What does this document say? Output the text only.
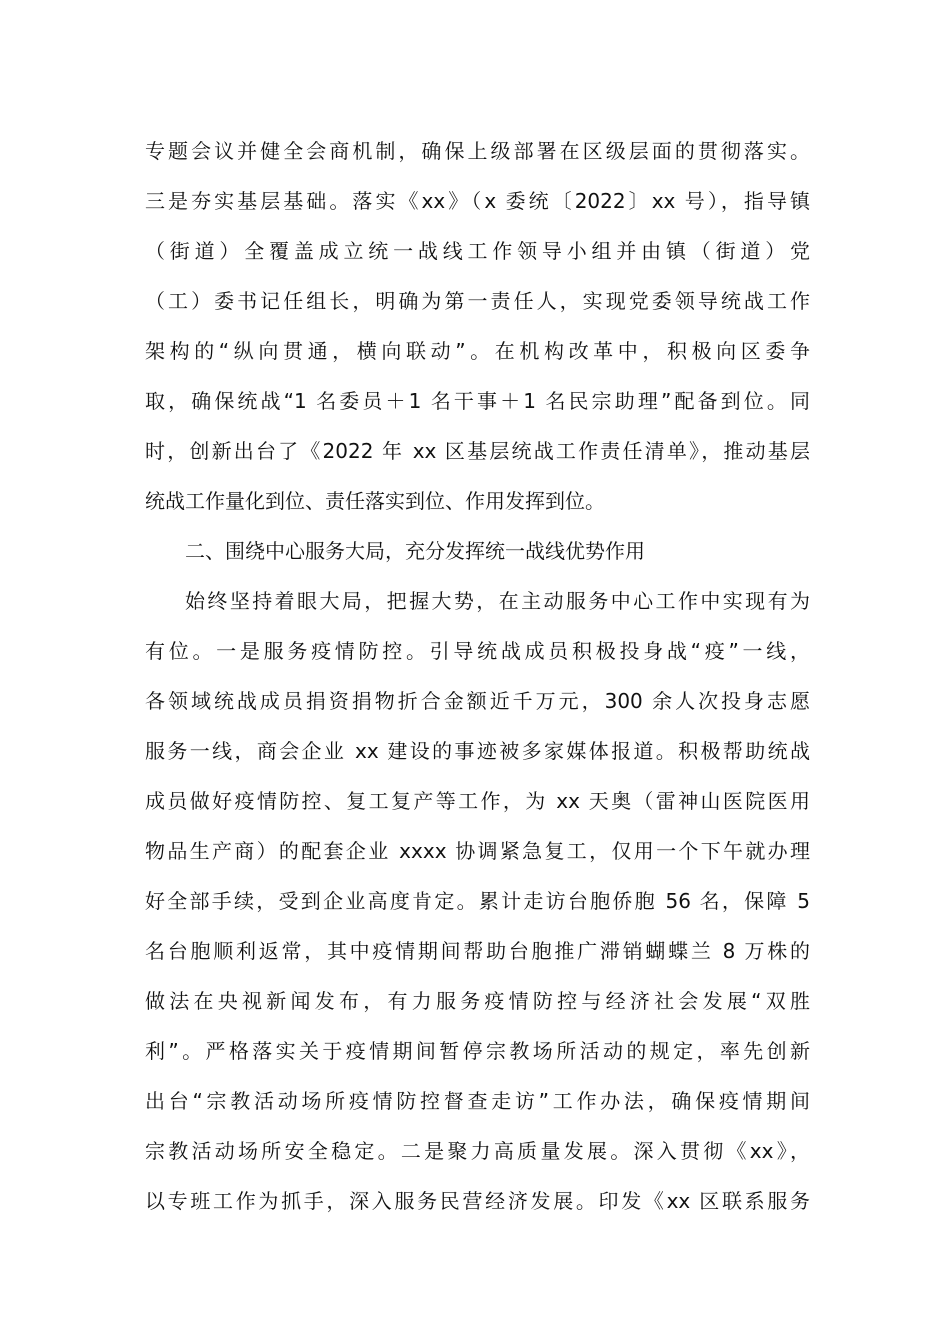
专题会议并健全会商机制，确保上级部署在区级层面的贯彻落实。
三是夯实基层基础。落实《xx》（x 委统〔2022〕xx 号），指导镇
（街道）全覆盖成立统一战线工作领导小组并由镇（街道）党
（工）委书记任组长，明确为第一责任人，实现党委领导统战工作
架构的“纵向贯通，横向联动”。在机构改革中，积极向区委争
取，确保统战“1 名委员＋1 名干事＋1 名民宗助理”配备到位。同
时，创新出台了《2022 年 xx 区基层统战工作责任清单》，推动基层
统战工作量化到位、责任落实到位、作用发挥到位。
二、围绕中心服务大局，充分发挥统一战线优势作用
始终坚持着眼大局，把握大势，在主动服务中心工作中实现有为
有位。一是服务疫情防控。引导统战成员积极投身战“疫”一线，
各领域统战成员捐资捐物折合金额近千万元，300 余人次投身志愿
服务一线，商会企业 xx 建设的事迹被多家媒体报道。积极帮助统战
成员做好疫情防控、复工复产等工作，为 xx 天奥（雷神山医院医用
物品生产商）的配套企业 xxxx 协调紧急复工，仅用一个下午就办理
好全部手续，受到企业高度肯定。累计走访台胞侨胞 56 名，保障 5
名台胞顺利返常，其中疫情期间帮助台胞推广滞销蝴蝶兰 8 万株的
做法在央视新闻发布，有力服务疫情防控与经济社会发展“双胜
利”。严格落实关于疫情期间暂停宗教场所活动的规定，率先创新
出台“宗教活动场所疫情防控督查走访”工作办法，确保疫情期间
宗教活动场所安全稳定。二是聚力高质量发展。深入贯彻《xx》，
以专班工作为抓手，深入服务民营经济发展。印发《xx 区联系服务
